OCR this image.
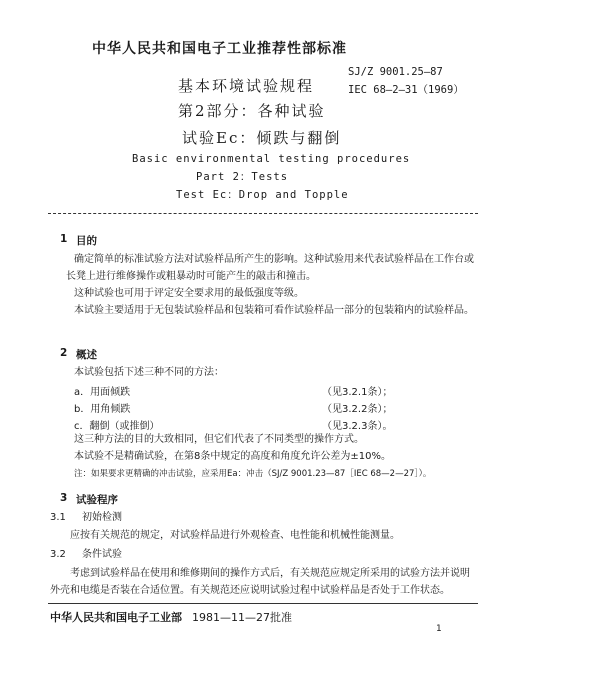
中华人民共和国电子工业推荐性部标准
基本环境试验规程
SJ/Z 9001.25—87
IEC 68—2—31（1969）
第2部分：各种试验
试验Ec：倾跌与翻倒
Basic environmental testing procedures
Part 2：Tests
Test Ec：Drop and Topple
1 目的
确定简单的标准试验方法对试验样品所产生的影响。这种试验用来代表试验样品在工作台或长凳上进行维修操作或粗暴动时可能产生的敲击和撞击。
这种试验也可用于评定安全要求用的最低强度等级。
本试验主要适用于无包装试验样品和包装箱可看作试验样品一部分的包装箱内的试验样品。
2 概述
本试验包括下述三种不同的方法：
a．用面倾跌	（见3.2.1条）；
b．用角倾跌	（见3.2.2条）；
c．翻倒（或推倒）	（见3.2.3条）。
这三种方法的目的大致相同，但它们代表了不同类型的操作方式。
本试验不是精确试验，在第8条中规定的高度和角度允许公差为±10%。
注：如果要求更精确的冲击试验，应采用Ea：冲击（SJ/Z 9001.23—87［IEC 68—2—27］）。
3 试验程序
3.1 初始检测
应按有关规范的规定，对试验样品进行外观检查、电性能和机械性能测量。
3.2 条件试验
考虑到试验样品在使用和维修期间的操作方式后，有关规范应规定所采用的试验方法并说明外壳和电缆是否装在合适位置。有关规范还应说明试验过程中试验样品是否处于工作状态。
中华人民共和国电子工业部 1981—11—27批准
1
